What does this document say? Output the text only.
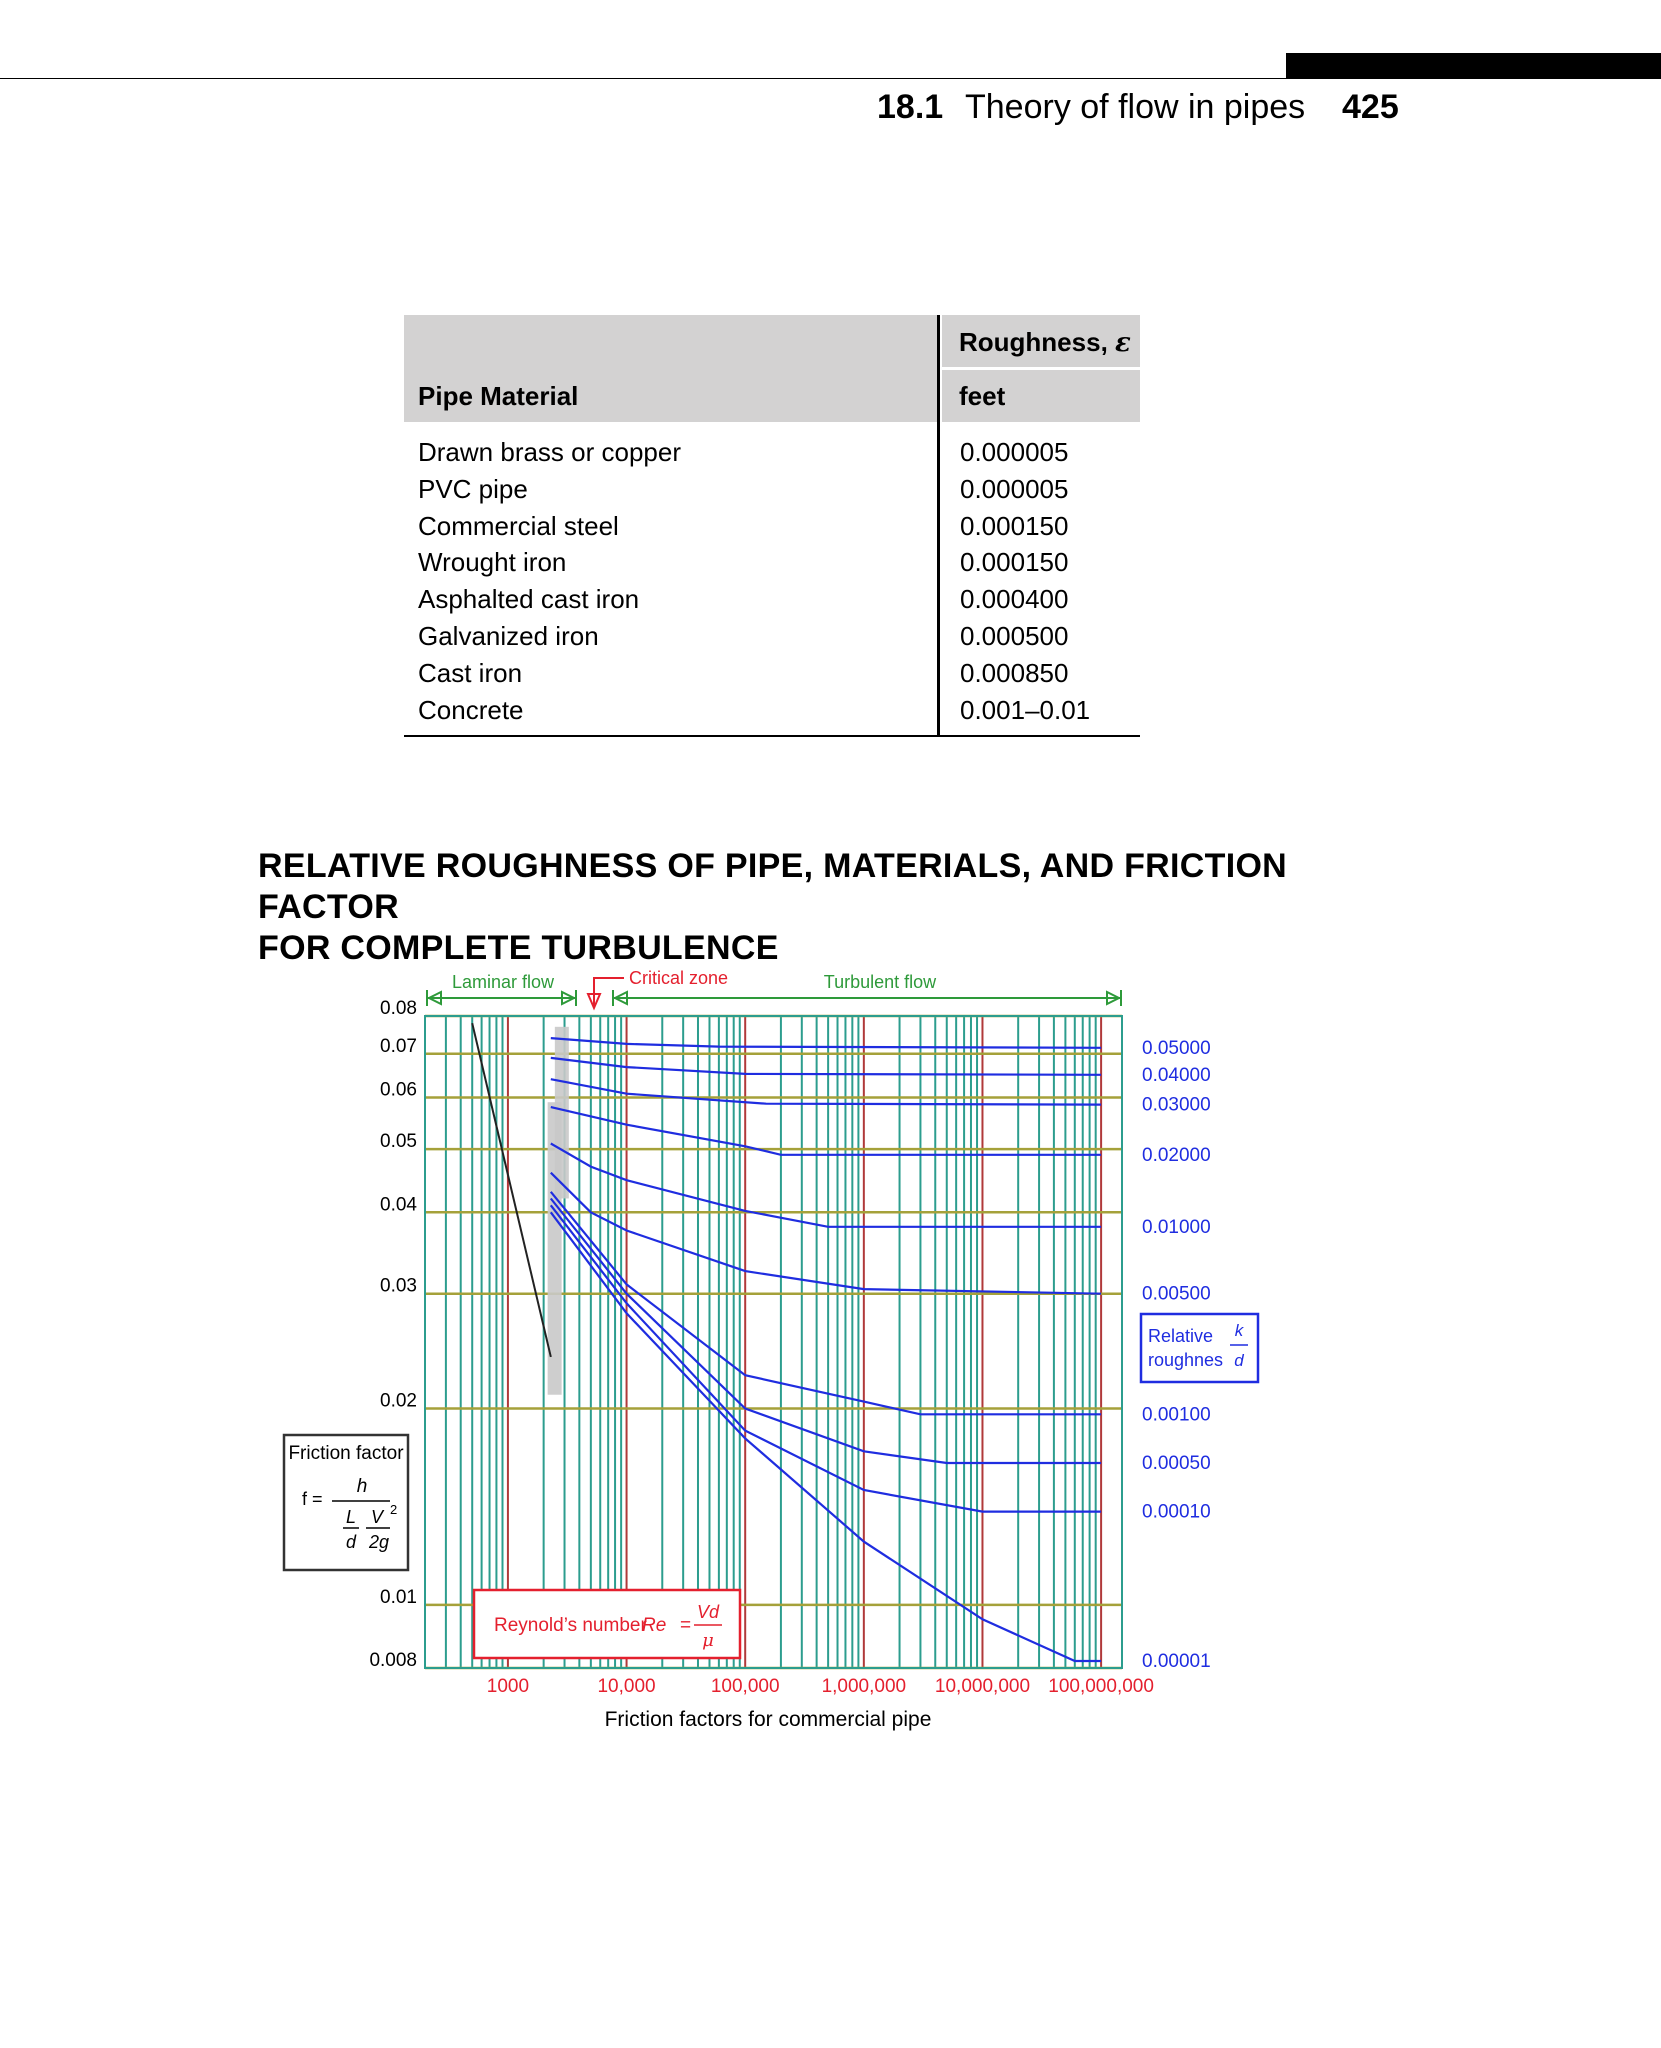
18.1 Theory of flow in pipes 425
Pipe Material
Roughness, ε
feet
Drawn brass or copper	0.000005
PVC pipe	0.000005
Commercial steel	0.000150
Wrought iron	0.000150
Asphalted cast iron	0.000400
Galvanized iron	0.000500
Cast iron	0.000850
Concrete	0.001–0.01
RELATIVE ROUGHNESS OF PIPE, MATERIALS, AND FRICTION FACTOR
FOR COMPLETE TURBULENCE
Laminar flow	Turbulent flow
Critical zone
Friction factor
f =
h
L
d
V 2
2g
Reynold’s number
Re =
Vd
μ
Relative
roughnes
k
d
0.08
0.07
0.06
0.05
0.04
0.03
0.02
0.01
0.008
1000	10,000	100,000 1,000,000 10,000,000 100,000,000
0.05000
0.04000
0.03000
0.02000
0.01000
0.00500
0.00100
0.00050
0.00010
0.00001
Friction factors for commercial pipe
